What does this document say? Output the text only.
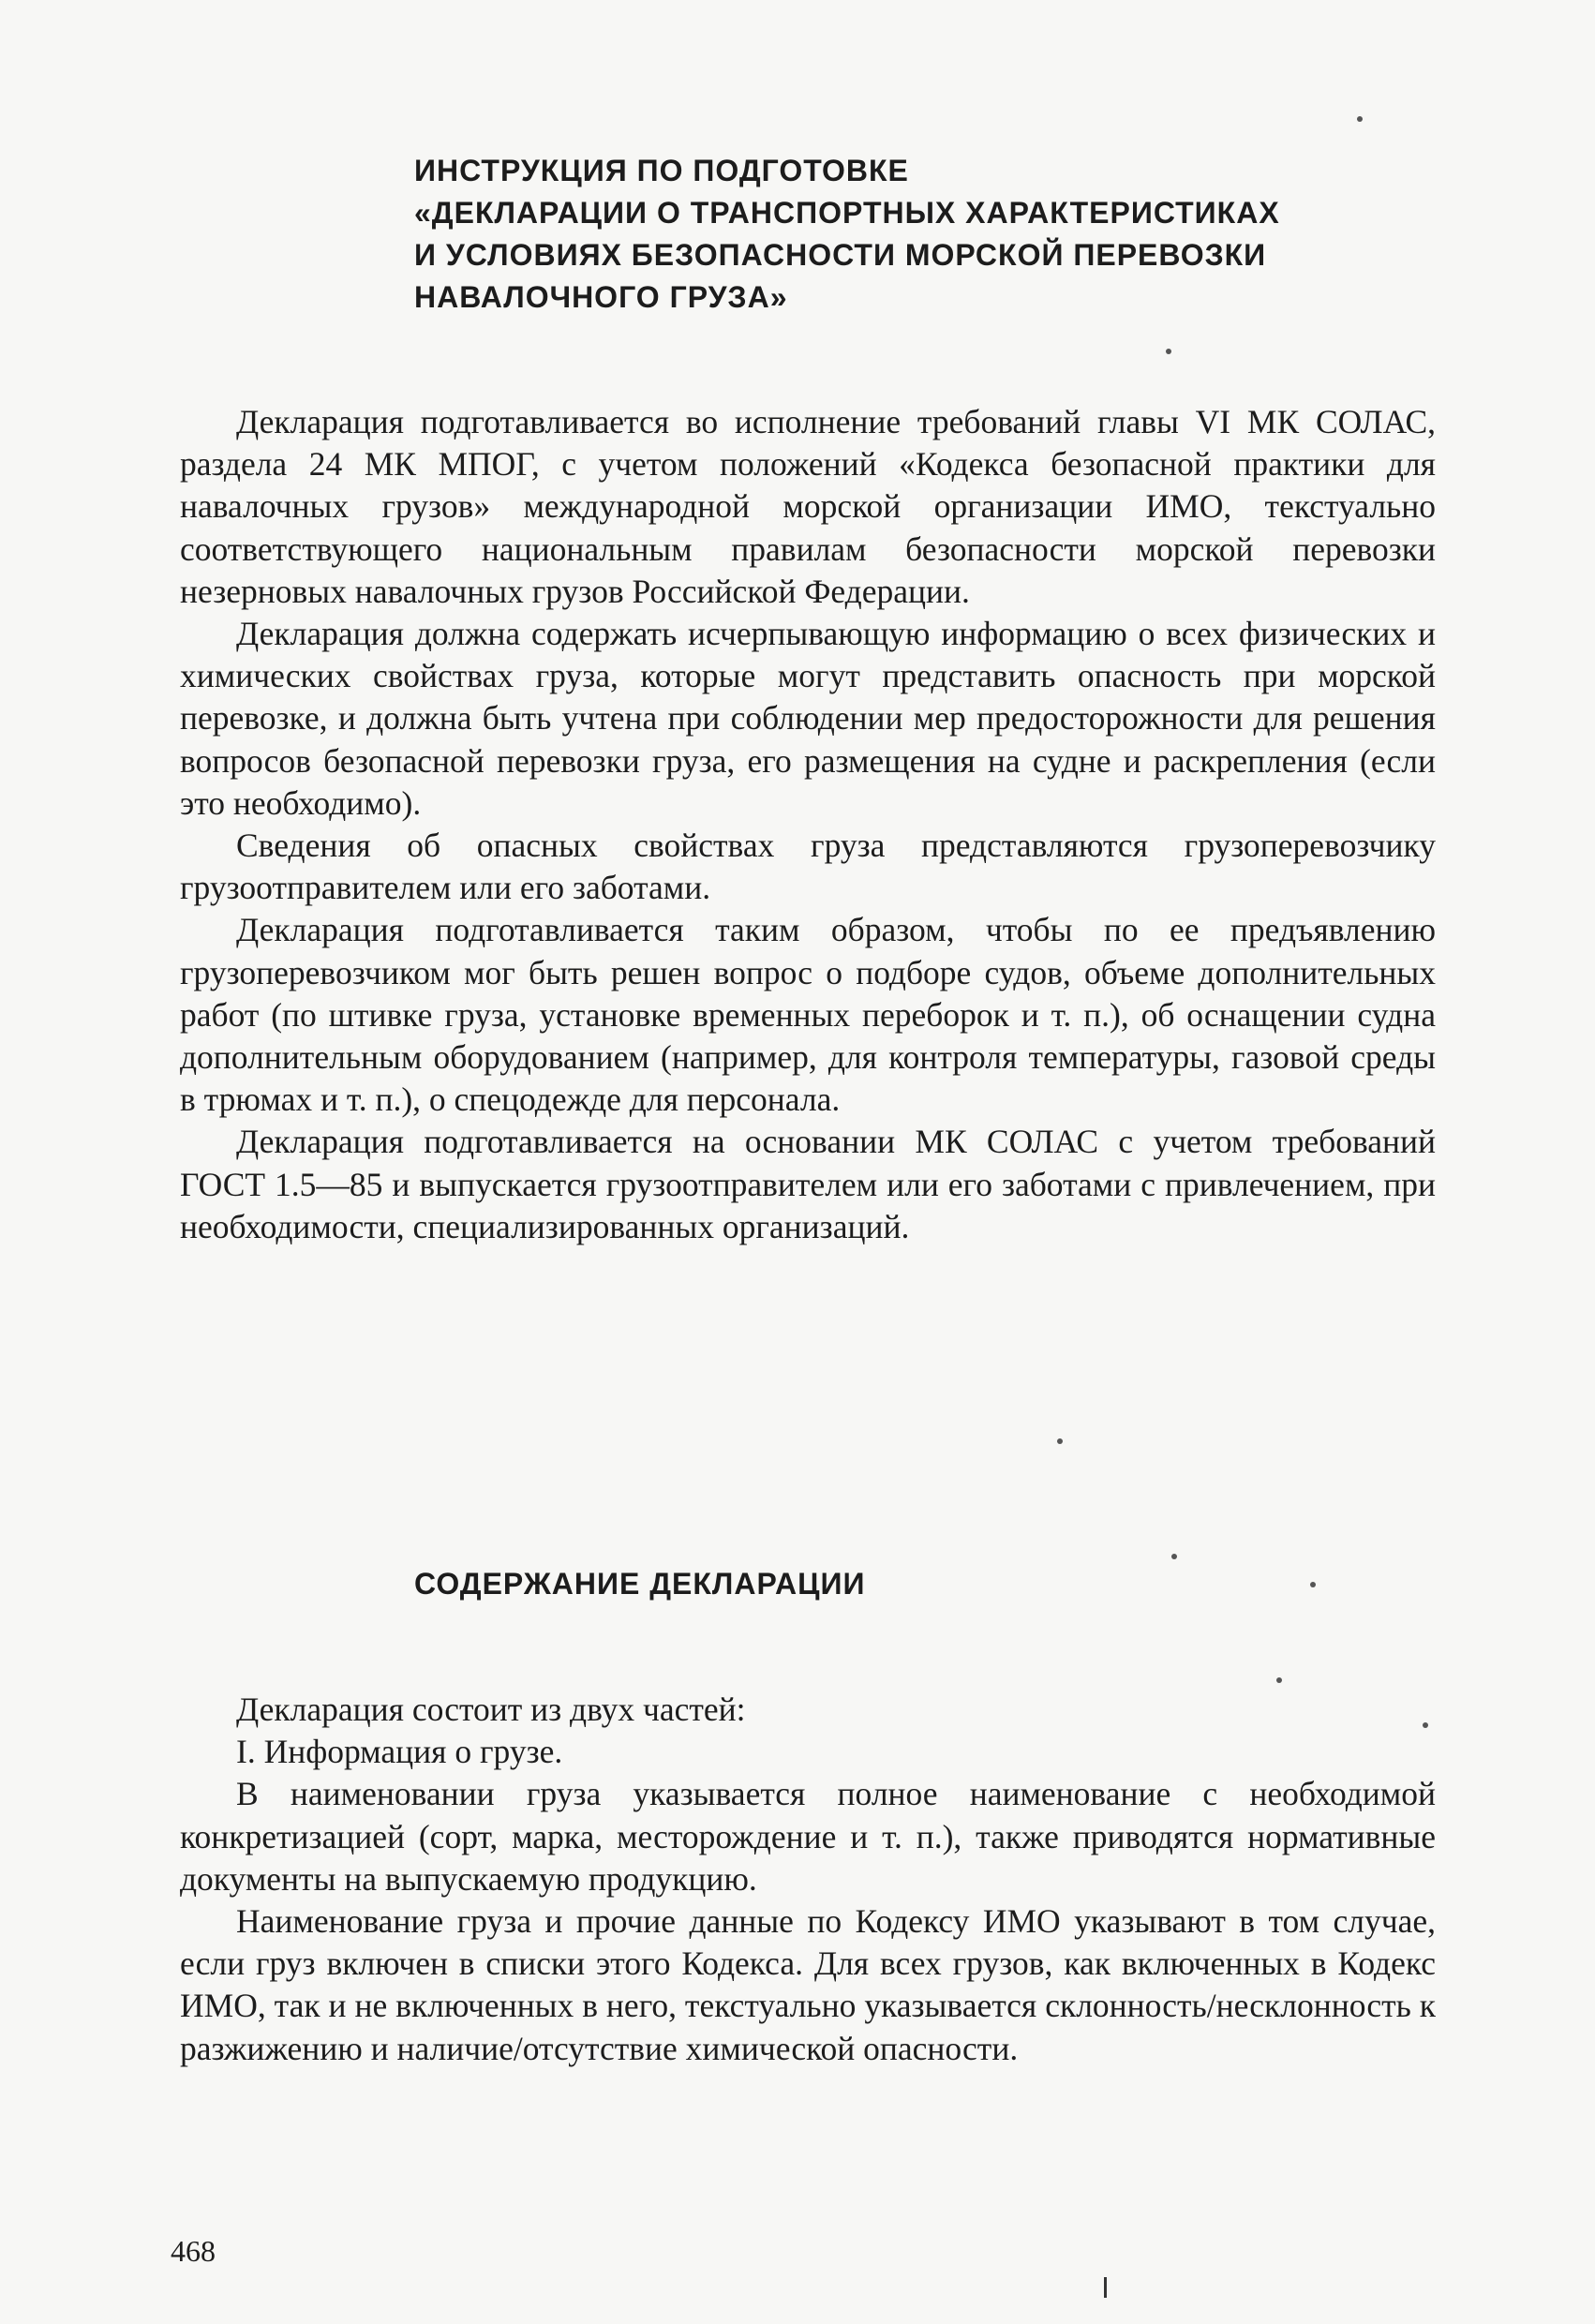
ИНСТРУКЦИЯ ПО ПОДГОТОВКЕ
«ДЕКЛАРАЦИИ О ТРАНСПОРТНЫХ ХАРАКТЕРИСТИКАХ
И УСЛОВИЯХ БЕЗОПАСНОСТИ МОРСКОЙ ПЕРЕВОЗКИ
НАВАЛОЧНОГО ГРУЗА»
Декларация подготавливается во исполнение требований главы VI МК СОЛАС, раздела 24 МК МПОГ, с учетом положений «Кодекса безопасной практики для навалочных грузов» международной морской организации ИМО, текстуально соответствующего национальным правилам безопасности морской перевозки незерновых навалочных грузов Российской Федерации.
Декларация должна содержать исчерпывающую информацию о всех физических и химических свойствах груза, которые могут представить опасность при морской перевозке, и должна быть учтена при соблюдении мер предосторожности для решения вопросов безопасной перевозки груза, его размещения на судне и раскрепления (если это необходимо).
Сведения об опасных свойствах груза представляются грузоперевозчику грузоотправителем или его заботами.
Декларация подготавливается таким образом, чтобы по ее предъявлению грузоперевозчиком мог быть решен вопрос о подборе судов, объеме дополнительных работ (по штивке груза, установке временных переборок и т. п.), об оснащении судна дополнительным оборудованием (например, для контроля температуры, газовой среды в трюмах и т. п.), о спецодежде для персонала.
Декларация подготавливается на основании МК СОЛАС с учетом требований ГОСТ 1.5—85 и выпускается грузоотправителем или его заботами с привлечением, при необходимости, специализированных организаций.
СОДЕРЖАНИЕ ДЕКЛАРАЦИИ
Декларация состоит из двух частей:
I. Информация о грузе.
В наименовании груза указывается полное наименование с необходимой конкретизацией (сорт, марка, месторождение и т. п.), также приводятся нормативные документы на выпускаемую продукцию.
Наименование груза и прочие данные по Кодексу ИМО указывают в том случае, если груз включен в списки этого Кодекса. Для всех грузов, как включенных в Кодекс ИМО, так и не включенных в него, текстуально указывается склонность/несклонность к разжижению и наличие/отсутствие химической опасности.
468
